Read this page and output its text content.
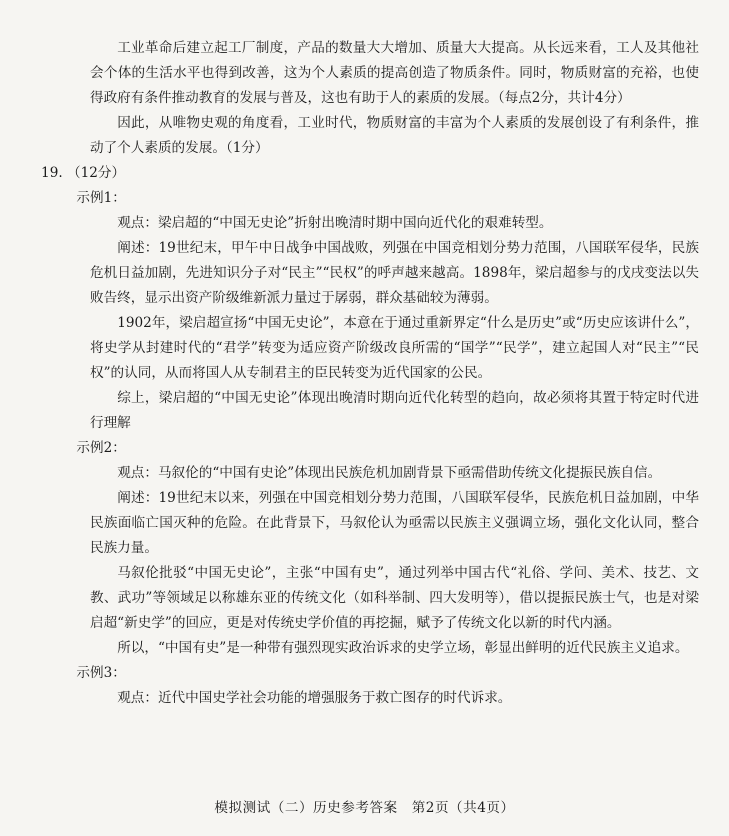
工业革命后建立起工厂制度，产品的数量大大增加、质量大大提高。从长远来看，工人及其他社会个体的生活水平也得到改善，这为个人素质的提高创造了物质条件。同时，物质财富的充裕，也使得政府有条件推动教育的发展与普及，这也有助于人的素质的发展。（每点2分，共计4分）

因此，从唯物史观的角度看，工业时代，物质财富的丰富为个人素质的发展创设了有利条件，推动了个人素质的发展。（1分）

19. （12分）

示例1：

观点：梁启超的“中国无史论”折射出晚清时期中国向近代化的艰难转型。

阐述：19世纪末，甲午中日战争中国战败，列强在中国竞相划分势力范围，八国联军侵华，民族危机日益加剧，先进知识分子对“民主”“民权”的呼声越来越高。1898年，梁启超参与的戊戌变法以失败告终，显示出资产阶级维新派力量过于孱弱，群众基础较为薄弱。

1902年，梁启超宣扬“中国无史论”，本意在于通过重新界定“什么是历史”或“历史应该讲什么”，将史学从封建时代的“君学”转变为适应资产阶级改良所需的“国学”“民学”，建立起国人对“民主”“民权”的认同，从而将国人从专制君主的臣民转变为近代国家的公民。

综上，梁启超的“中国无史论”体现出晚清时期向近代化转型的趋向，故必须将其置于特定时代进行理解

示例2：

观点：马叙伦的“中国有史论”体现出民族危机加剧背景下亟需借助传统文化提振民族自信。

阐述：19世纪末以来，列强在中国竞相划分势力范围，八国联军侵华，民族危机日益加剧，中华民族面临亡国灭种的危险。在此背景下，马叙伦认为亟需以民族主义强调立场，强化文化认同，整合民族力量。

马叙伦批驳“中国无史论”，主张“中国有史”，通过列举中国古代“礼俗、学问、美术、技艺、文教、武功”等领域足以称雄东亚的传统文化（如科举制、四大发明等），借以提振民族士气，也是对梁启超“新史学”的回应，更是对传统史学价值的再挖掘，赋予了传统文化以新的时代内涵。

所以，“中国有史”是一种带有强烈现实政治诉求的史学立场，彰显出鲜明的近代民族主义追求。

示例3：

观点：近代中国史学社会功能的增强服务于救亡图存的时代诉求。

模拟测试（二）历史参考答案　第2页（共4页）
